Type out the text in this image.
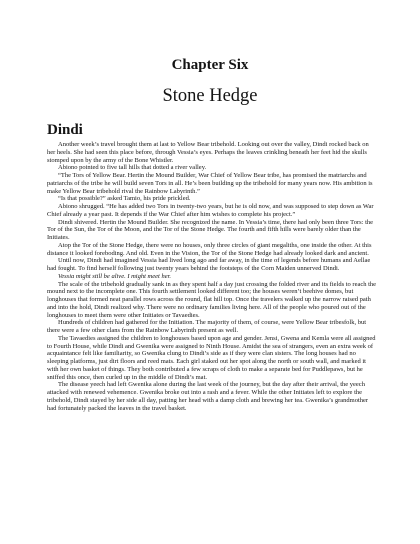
Chapter Six
Stone Hedge
Dindi

Another week’s travel brought them at last to Yellow Bear tribehold. Looking out over the valley, Dindi rocked back on her heels. She had seen this place before, through Vessia’s eyes. Perhaps the leaves crinkling beneath her feet hid the skulls stomped upon by the army of the Bone Whistler.

Abiono pointed to five tall hills that dotted a river valley.

“The Tors of Yellow Bear. Hertin the Mound Builder, War Chief of Yellow Bear tribe, has promised the matriarchs and patriarchs of the tribe he will build seven Tors in all. He’s been building up the tribehold for many years now. His ambition is make Yellow Bear tribehold rival the Rainbow Labyrinth.”

“Is that possible?” asked Tamio, his pride prickled.

Abiono shrugged. “He has added two Tors in twenty-two years, but he is old now, and was supposed to step down as War Chief already a year past. It depends if the War Chief after him wishes to complete his project.”

Dindi shivered. Hertin the Mound Builder. She recognized the name. In Vessia’s time, there had only been three Tors: the Tor of the Sun, the Tor of the Moon, and the Tor of the Stone Hedge. The fourth and fifth hills were barely older than the Initiates.

Atop the Tor of the Stone Hedge, there were no houses, only three circles of giant megaliths, one inside the other. At this distance it looked foreboding. And old. Even in the Vision, the Tor of the Stone Hedge had already looked dark and ancient.

Until now, Dindi had imagined Vessia had lived long ago and far away, in the time of legends before humans and Aellae had fought. To find herself following just twenty years behind the footsteps of the Corn Maiden unnerved Dindi.

Vessia might still be alive. I might meet her.

The scale of the tribehold gradually sank in as they spent half a day just crossing the folded river and its fields to reach the mound next to the incomplete one. This fourth settlement looked different too; the houses weren’t beehive domes, but longhouses that formed neat parallel rows across the round, flat hill top. Once the travelers walked up the narrow raised path and into the hold, Dindi realized why. There were no ordinary families living here. All of the people who poured out of the longhouses to meet them were other Initiates or Tavaedies.

Hundreds of children had gathered for the Initiation. The majority of them, of course, were Yellow Bear tribesfolk, but there were a few other clans from the Rainbow Labyrinth present as well.

The Tavaedies assigned the children to longhouses based upon age and gender. Jensi, Gwena and Kemla were all assigned to Fourth House, while Dindi and Gwenika were assigned to Ninth House. Amidst the sea of strangers, even an extra week of acquaintance felt like familiarity, so Gwenika clung to Dindi’s side as if they were clan sisters. The long houses had no sleeping platforms, just dirt floors and reed mats. Each girl staked out her spot along the north or south wall, and marked it with her own basket of things. They both contributed a few scraps of cloth to make a separate bed for Puddlepaws, but he sniffed this once, then curled up in the middle of Dindi’s mat.

The disease yeech had left Gwenika alone during the last week of the journey, but the day after their arrival, the yeech attacked with renewed vehemence. Gwenika broke out into a rash and a fever. While the other Initiates left to explore the tribehold, Dindi stayed by her side all day, patting her head with a damp cloth and brewing her tea. Gwenika’s grandmother had fortunately packed the leaves in the travel basket.
